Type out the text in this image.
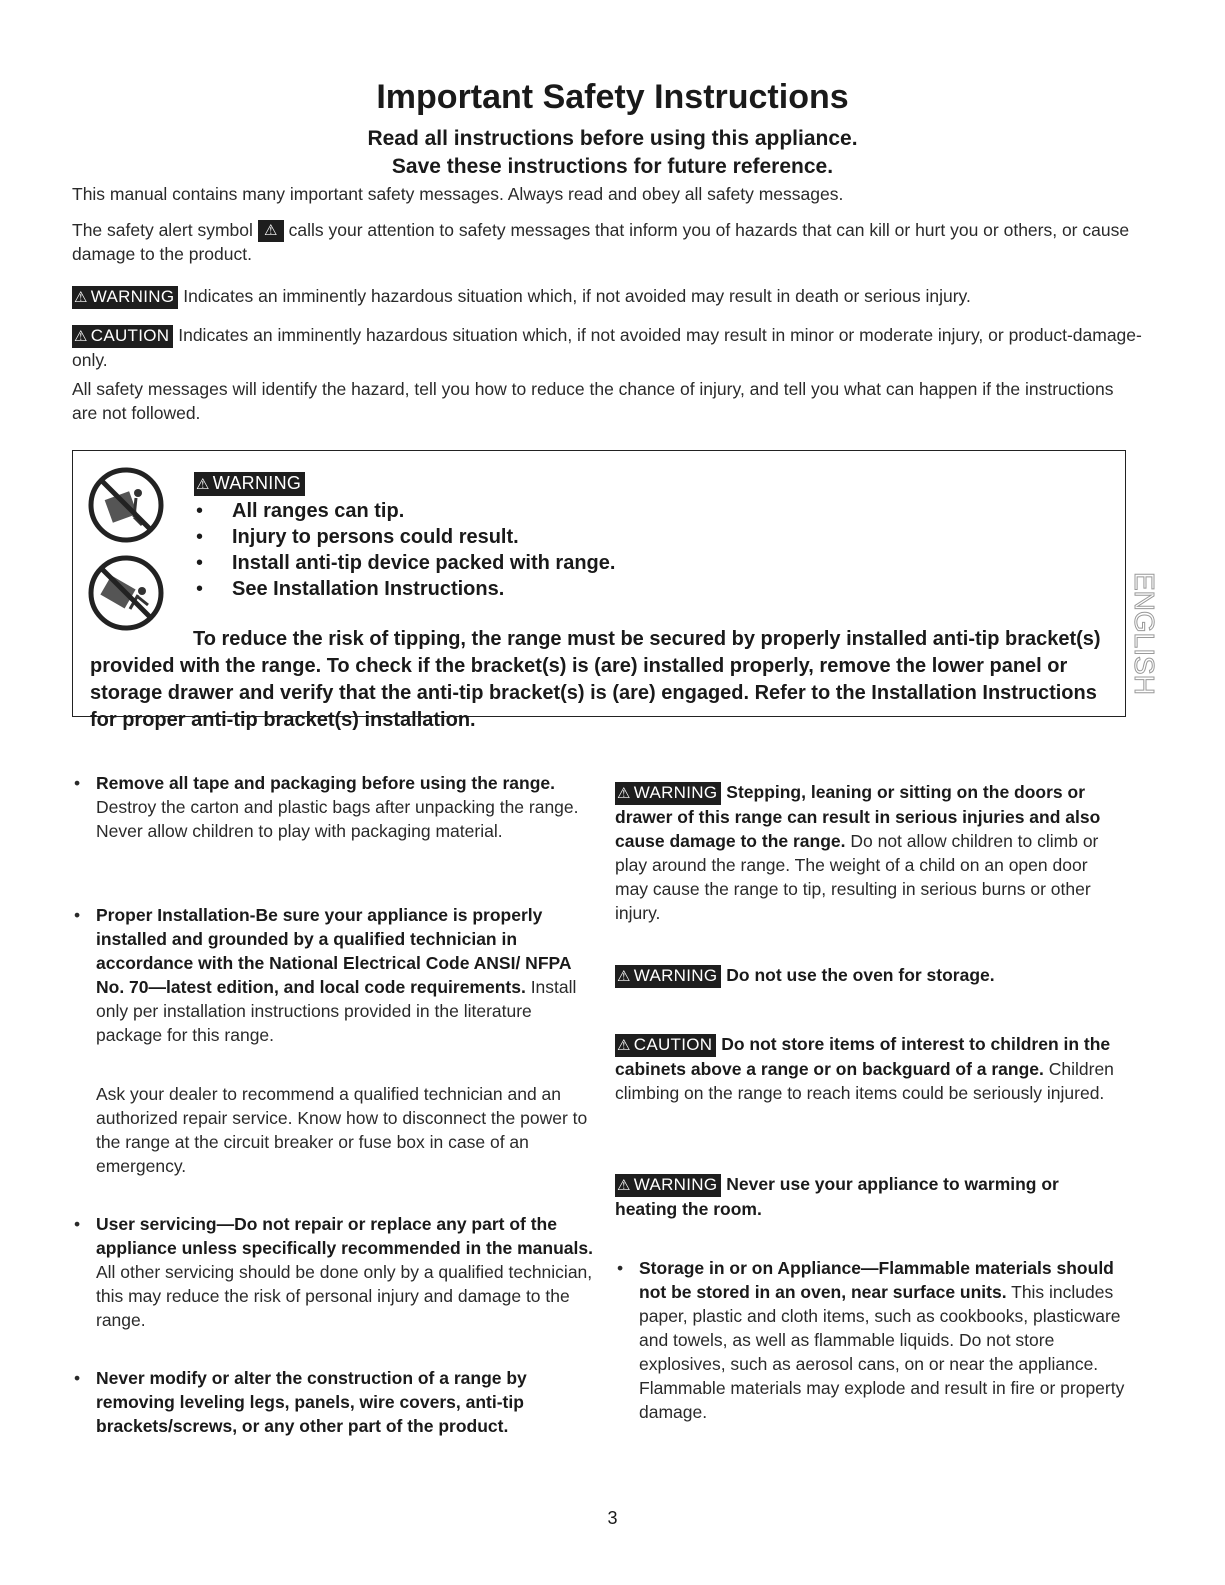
Important Safety Instructions
Read all instructions before using this appliance.
Save these instructions for future reference.
This manual contains many important safety messages. Always read and obey all safety messages.
The safety alert symbol ⚠ calls your attention to safety messages that inform you of hazards that can kill or hurt you or others, or cause damage to the product.
⚠ WARNING Indicates an imminently hazardous situation which, if not avoided may result in death or serious injury.
⚠ CAUTION Indicates an imminently hazardous situation which, if not avoided may result in minor or moderate injury, or product-damage-only.
All safety messages will identify the hazard, tell you how to reduce the chance of injury, and tell you what can happen if the instructions are not followed.
⚠ WARNING
• All ranges can tip.
• Injury to persons could result.
• Install anti-tip device packed with range.
• See Installation Instructions.
To reduce the risk of tipping, the range must be secured by properly installed anti-tip bracket(s) provided with the range. To check if the bracket(s) is (are) installed properly, remove the lower panel or storage drawer and verify that the anti-tip bracket(s) is (are) engaged. Refer to the Installation Instructions for proper anti-tip bracket(s) installation.
ENGLISH
• Remove all tape and packaging before using the range. Destroy the carton and plastic bags after unpacking the range. Never allow children to play with packaging material.
• Proper Installation-Be sure your appliance is properly installed and grounded by a qualified technician in accordance with the National Electrical Code ANSI/ NFPA No. 70—latest edition, and local code requirements. Install only per installation instructions provided in the literature package for this range.
Ask your dealer to recommend a qualified technician and an authorized repair service. Know how to disconnect the power to the range at the circuit breaker or fuse box in case of an emergency.
• User servicing—Do not repair or replace any part of the appliance unless specifically recommended in the manuals. All other servicing should be done only by a qualified technician, this may reduce the risk of personal injury and damage to the range.
• Never modify or alter the construction of a range by removing leveling legs, panels, wire covers, anti-tip brackets/screws, or any other part of the product.
⚠ WARNING Stepping, leaning or sitting on the doors or drawer of this range can result in serious injuries and also cause damage to the range. Do not allow children to climb or play around the range. The weight of a child on an open door may cause the range to tip, resulting in serious burns or other injury.
⚠ WARNING Do not use the oven for storage.
⚠ CAUTION Do not store items of interest to children in the cabinets above a range or on backguard of a range. Children climbing on the range to reach items could be seriously injured.
⚠ WARNING Never use your appliance to warming or heating the room.
• Storage in or on Appliance—Flammable materials should not be stored in an oven, near surface units. This includes paper, plastic and cloth items, such as cookbooks, plasticware and towels, as well as flammable liquids. Do not store explosives, such as aerosol cans, on or near the appliance. Flammable materials may explode and result in fire or property damage.
3
